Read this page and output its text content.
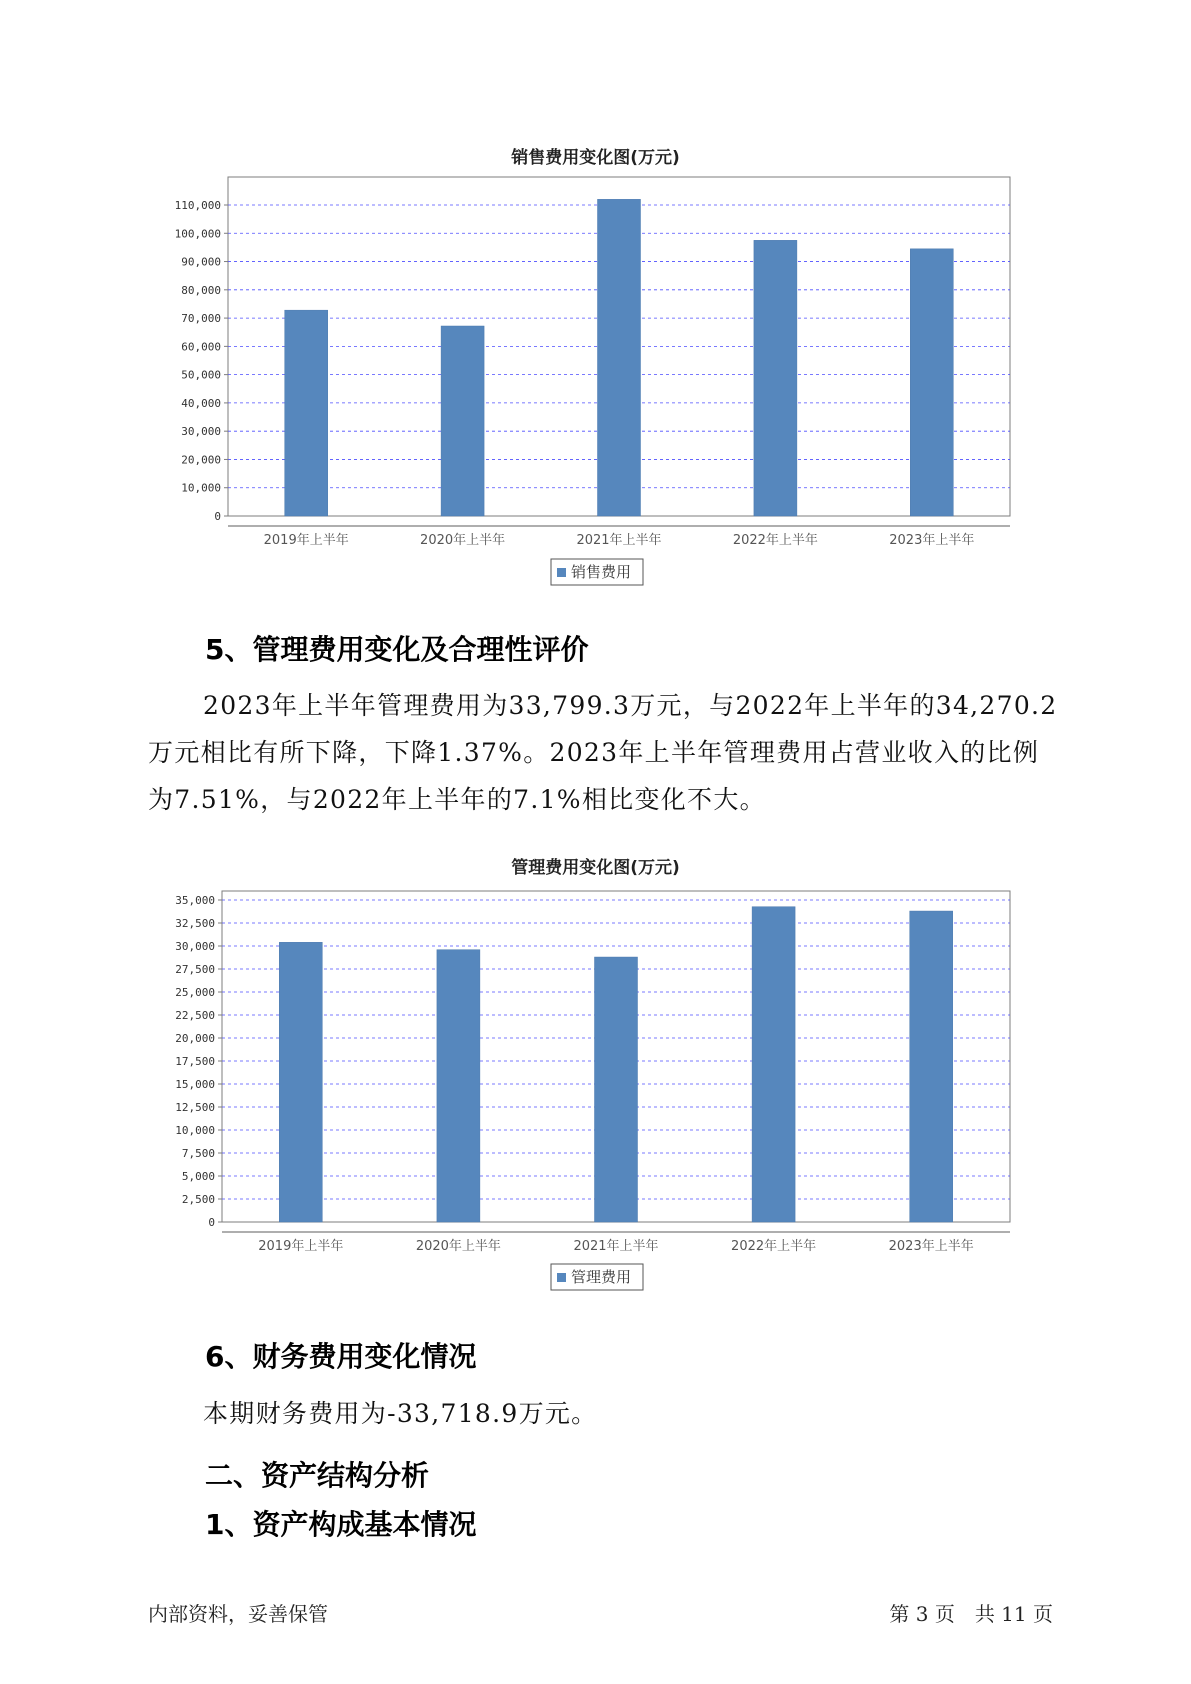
销售费用变化图(万元)
0
10,000
20,000
30,000
40,000
50,000
60,000
70,000
80,000
90,000
100,000
110,000
2019年上半年	2020年上半年	2021年上半年	2022年上半年	2023年上半年
销售费用
5、管理费用变化及合理性评价
2023年上半年管理费用为33,799.3万元，与2022年上半年的34,270.2
万元相比有所下降，下降1.37%。2023年上半年管理费用占营业收入的比例
为7.51%，与2022年上半年的7.1%相比变化不大。
管理费用变化图(万元)
0
2,500
5,000
7,500
10,000
12,500
15,000
17,500
20,000
22,500
25,000
27,500
30,000
32,500
35,000
2019年上半年	2020年上半年	2021年上半年	2022年上半年	2023年上半年
管理费用
6、财务费用变化情况
本期财务费用为-33,718.9万元。
二、资产结构分析
1、资产构成基本情况
内部资料，妥善保管	第 3 页　共 11 页
